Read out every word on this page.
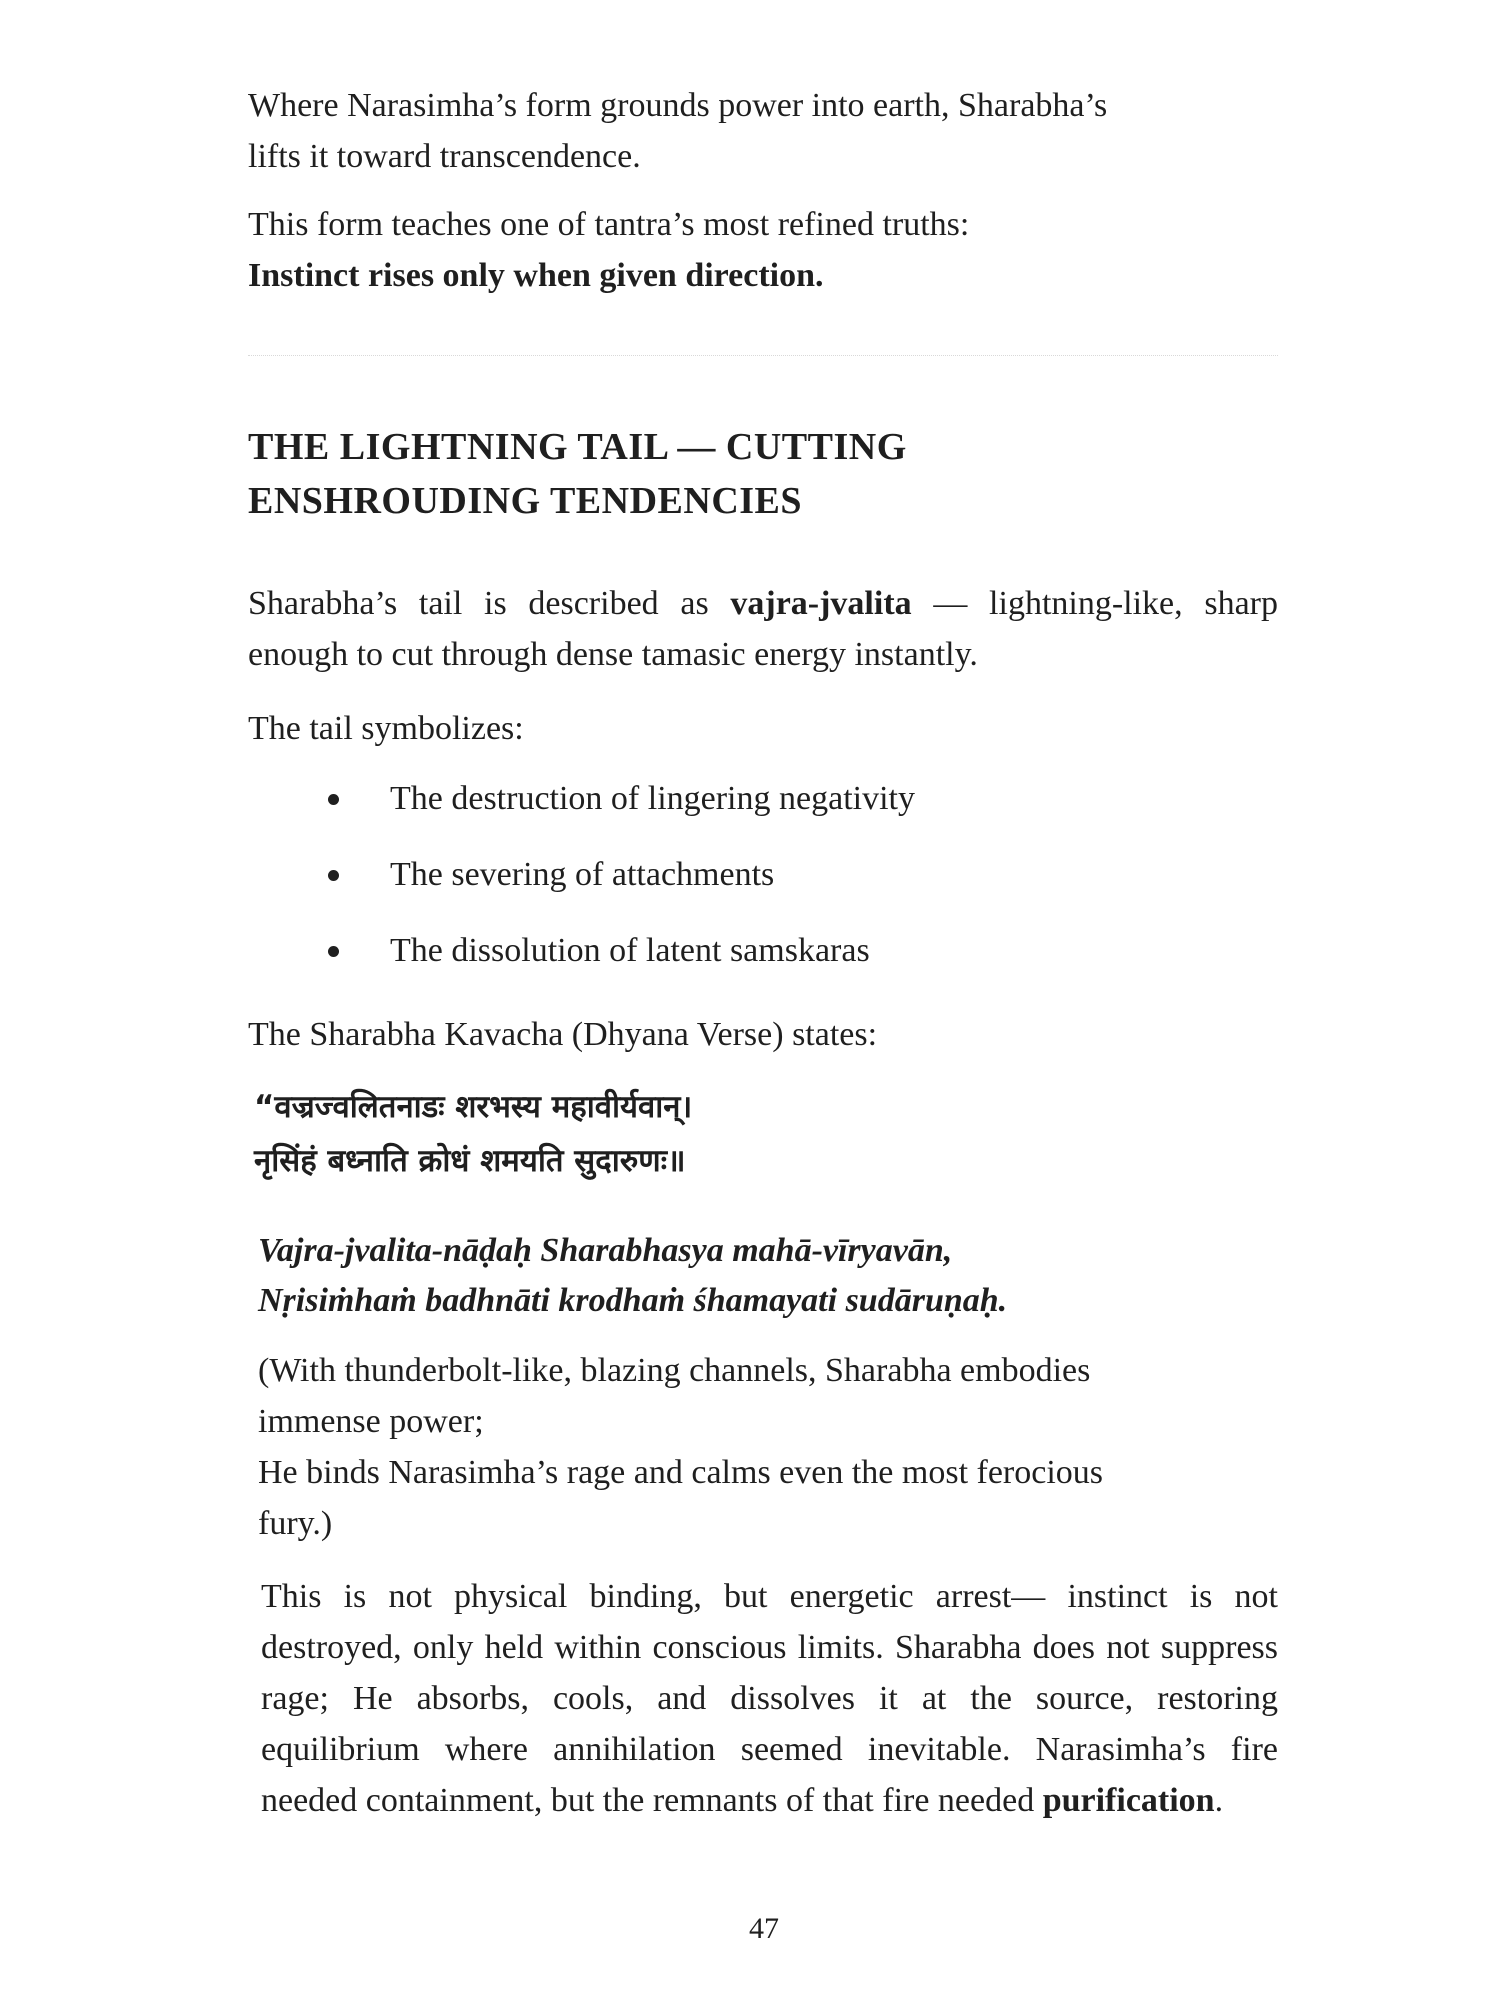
Where Narasimha’s form grounds power into earth, Sharabha’s
lifts it toward transcendence.

This form teaches one of tantra’s most refined truths:
Instinct rises only when given direction.

THE LIGHTNING TAIL — CUTTING
ENSHROUDING TENDENCIES

Sharabha’s tail is described as vajra-jvalita — lightning-like, sharp enough to cut through dense tamasic energy instantly.

The tail symbolizes:

The destruction of lingering negativity
The severing of attachments
The dissolution of latent samskaras

The Sharabha Kavacha (Dhyana Verse) states:

“वज्रज्वलितनाडः शरभस्य महावीर्यवान्।
नृसिंहं बध्नाति क्रोधं शमयति सुदारुणः॥
Vajra-jvalita-nāḍaḥ Sharabhasya mahā-vīryavān,
Nṛisiṁhaṁ badhnāti krodhaṁ śhamayati sudāruṇaḥ.

(With thunderbolt-like, blazing channels, Sharabha embodies
immense power;
He binds Narasimha’s rage and calms even the most ferocious
fury.)

This is not physical binding, but energetic arrest— instinct is not destroyed, only held within conscious limits. Sharabha does not suppress rage; He absorbs, cools, and dissolves it at the source, restoring equilibrium where annihilation seemed inevitable. Narasimha’s fire needed containment, but the remnants of that fire needed purification.

47
